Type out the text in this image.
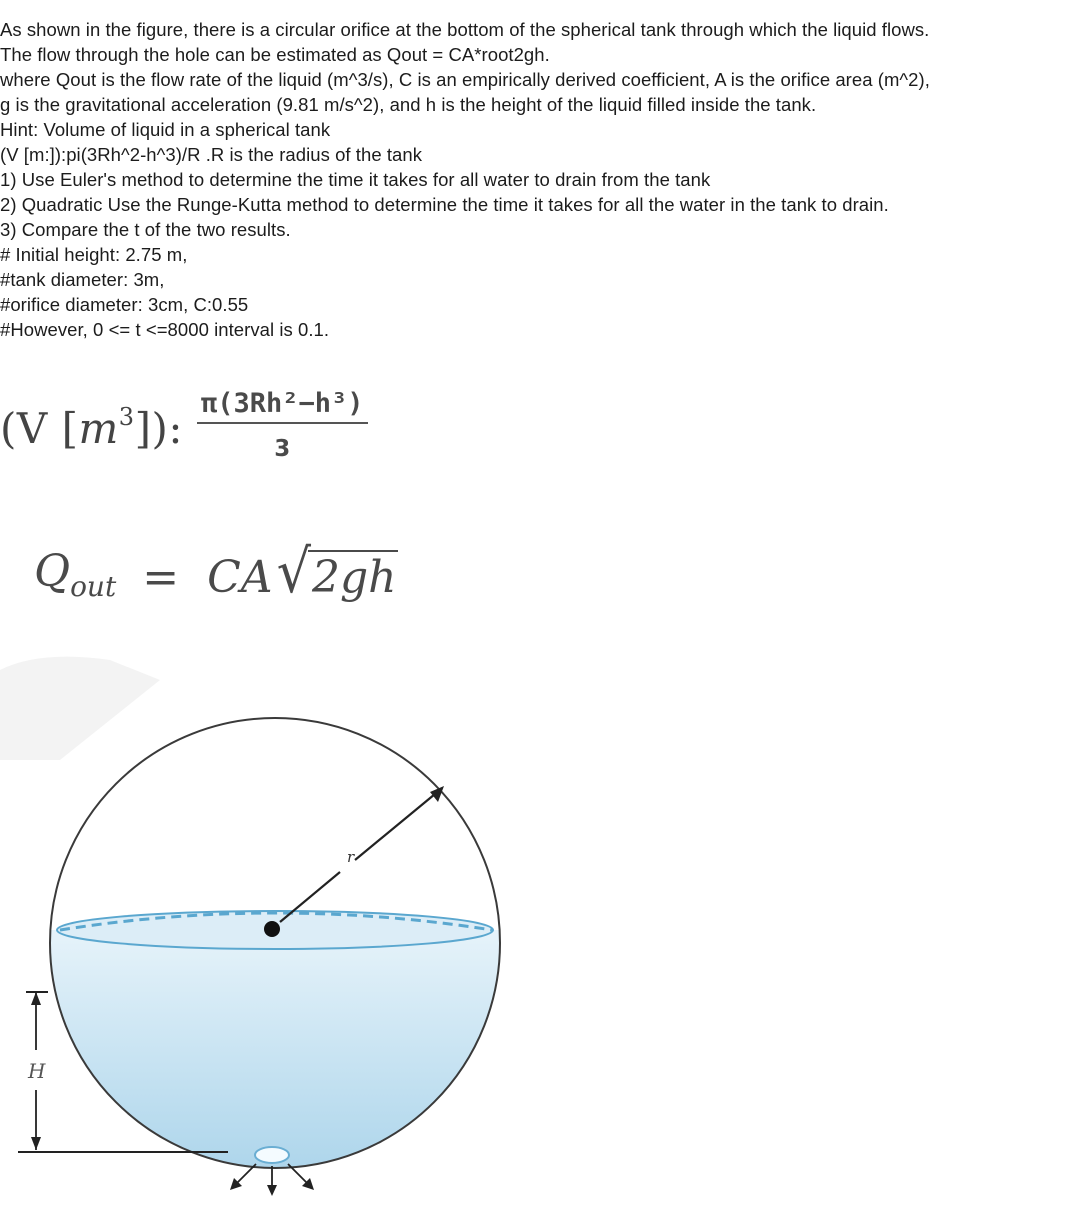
As shown in the figure, there is a circular orifice at the bottom of the spherical tank through which the liquid flows.
The flow through the hole can be estimated as Qout = CA*root2gh.
where Qout is the flow rate of the liquid (m^3/s), C is an empirically derived coefficient, A is the orifice area (m^2),
g is the gravitational acceleration (9.81 m/s^2), and h is the height of the liquid filled inside the tank.
Hint: Volume of liquid in a spherical tank
(V [m:]):pi(3Rh^2-h^3)/R .R is the radius of the tank
1) Use Euler's method to determine the time it takes for all water to drain from the tank
2) Quadratic Use the Runge-Kutta method to determine the time it takes for all the water in the tank to drain.
3) Compare the t of the two results.
# Initial height: 2.75 m,
#tank diameter: 3m,
#orifice diameter: 3cm, C:0.55
#However, 0 <= t <=8000 interval is 0.1.
(V $[m^3]$): $\frac{\text{π(3Rh²−h³)}}{3}$
$Q_{out}$ = CA √ 2gh
r
H
